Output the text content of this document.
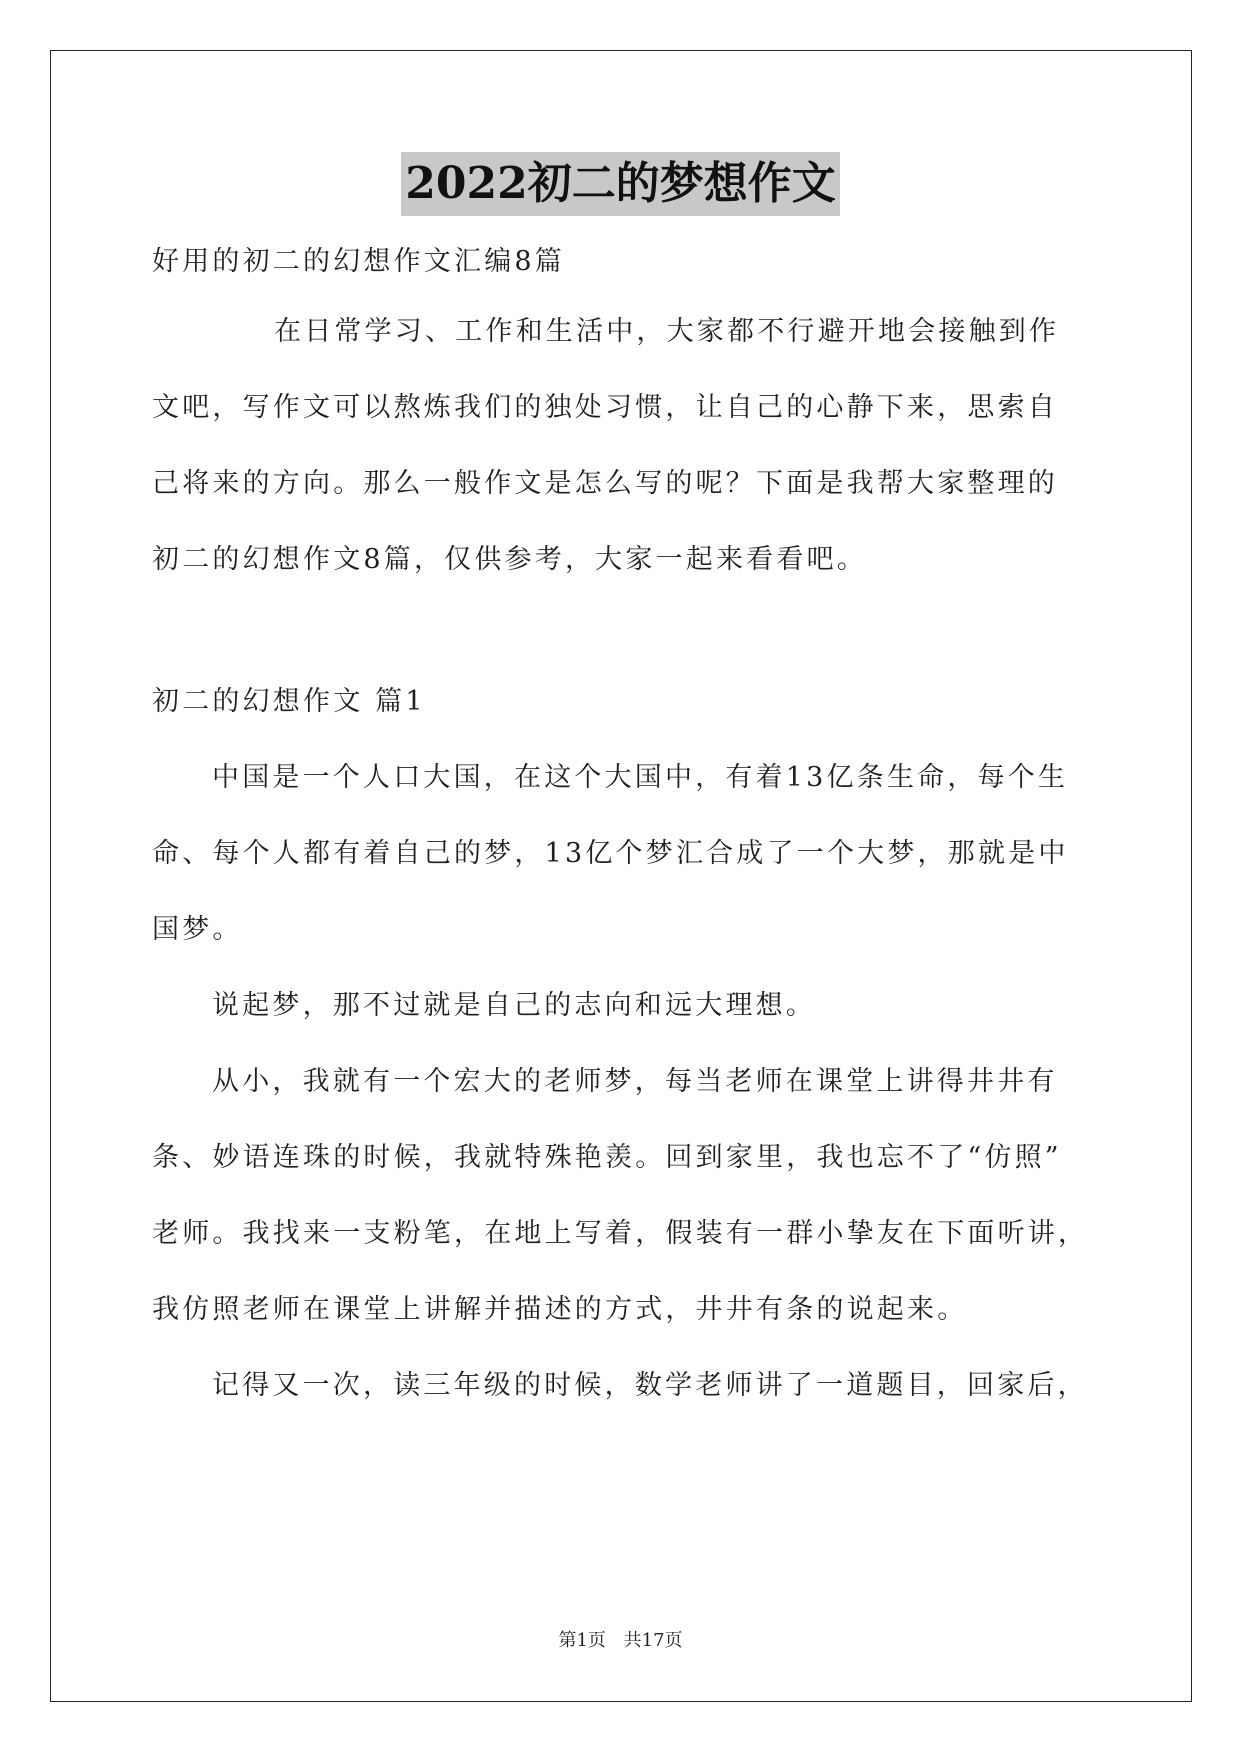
2022初二的梦想作文
好用的初二的幻想作文汇编8篇
在日常学习、工作和生活中，大家都不行避开地会接触到作
文吧，写作文可以熬炼我们的独处习惯，让自己的心静下来，思索自
己将来的方向。那么一般作文是怎么写的呢？下面是我帮大家整理的
初二的幻想作文8篇，仅供参考，大家一起来看看吧。
初二的幻想作文 篇1
中国是一个人口大国，在这个大国中，有着13亿条生命，每个生
命、每个人都有着自己的梦，13亿个梦汇合成了一个大梦，那就是中
国梦。
说起梦，那不过就是自己的志向和远大理想。
从小，我就有一个宏大的老师梦，每当老师在课堂上讲得井井有
条、妙语连珠的时候，我就特殊艳羡。回到家里，我也忘不了“仿照”
老师。我找来一支粉笔，在地上写着，假装有一群小挚友在下面听讲，
我仿照老师在课堂上讲解并描述的方式，井井有条的说起来。
记得又一次，读三年级的时候，数学老师讲了一道题目，回家后，
第1页 共17页
